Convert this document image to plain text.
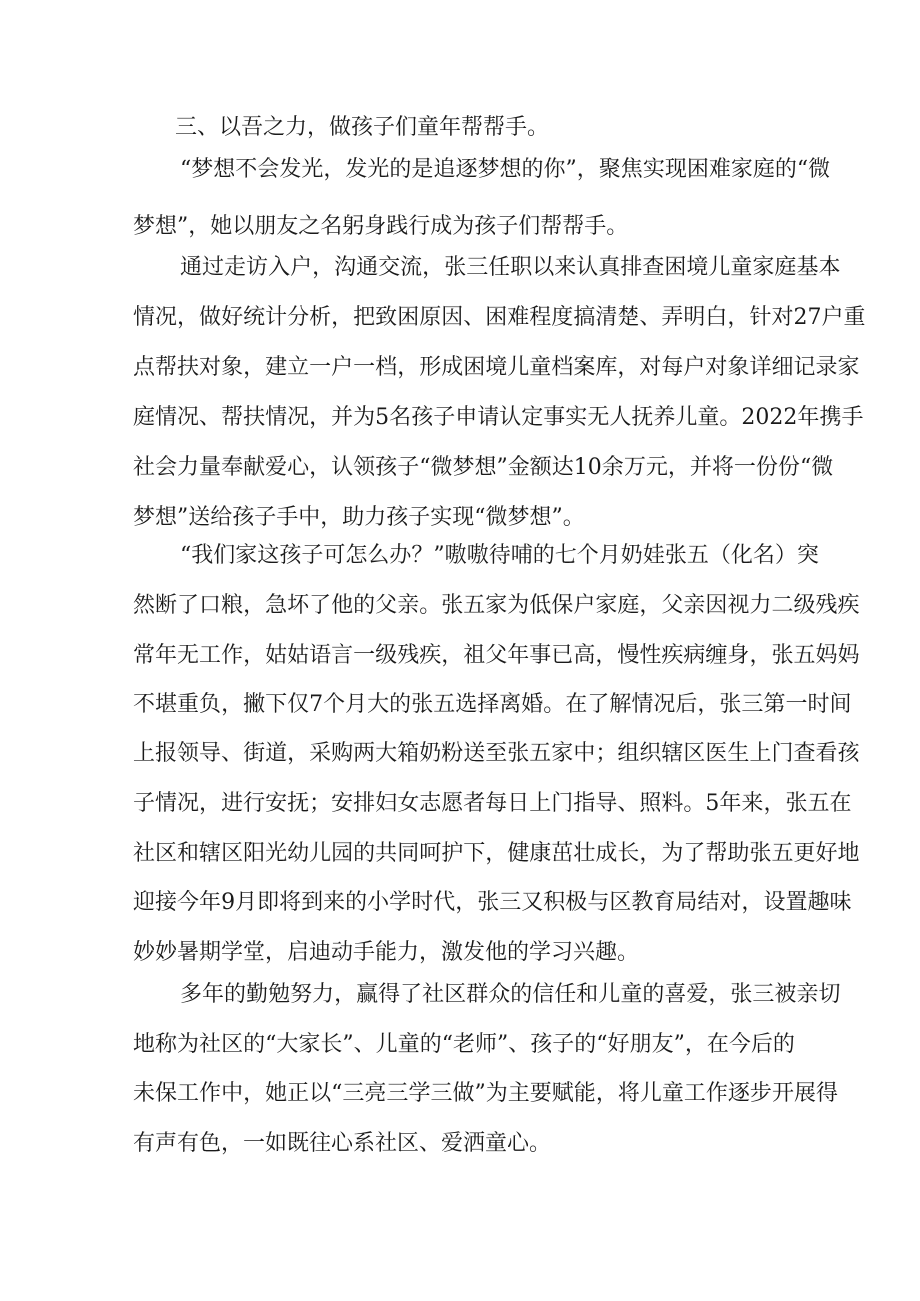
三、以吾之力，做孩子们童年帮帮手。

“ 梦 想 不 会 发 光 ， 发 光 的 是 追 逐 梦 想 的 你 ” ， 聚 焦 实 现 困 难 家 庭 的 “ 微

梦想”，她以朋友之名躬身践行成为孩子们帮帮手。

通 过 走 访 入 户 ， 沟 通 交 流 ， 张 三 任 职 以 来 认 真 排 查 困 境 儿 童 家 庭 基 本

情 况 ， 做 好 统 计 分 析 ， 把 致 困 原 因 、 困 难 程 度 搞 清 楚 、 弄 明 白 ， 针 对 2 7 户 重

点 帮 扶 对 象 ， 建 立 一 户 一 档 ， 形 成 困 境 儿 童 档 案 库 ， 对 每 户 对 象 详 细 记 录 家

庭 情 况 、 帮 扶 情 况 ， 并 为 5 名 孩 子 申 请 认 定 事 实 无 人 抚 养 儿 童 。 2 0 2 2 年 携 手

社 会 力 量 奉 献 爱 心 ， 认 领 孩 子 “ 微 梦 想 ” 金 额 达 1 0 余 万 元 ， 并 将 一 份 份 “ 微

梦想”送给孩子手中，助力孩子实现“微梦想”。

“ 我 们 家 这 孩 子 可 怎 么 办 ？ ” 嗷 嗷 待 哺 的 七 个 月 奶 娃 张 五 （ 化 名 ） 突

然 断 了 口 粮 ， 急 坏 了 他 的 父 亲 。 张 五 家 为 低 保 户 家 庭 ， 父 亲 因 视 力 二 级 残 疾

常 年 无 工 作 ， 姑 姑 语 言 一 级 残 疾 ， 祖 父 年 事 已 高 ， 慢 性 疾 病 缠 身 ， 张 五 妈 妈

不 堪 重 负 ， 撇 下 仅 7 个 月 大 的 张 五 选 择 离 婚 。 在 了 解 情 况 后 ， 张 三 第 一 时 间

上 报 领 导 、 街 道 ， 采 购 两 大 箱 奶 粉 送 至 张 五 家 中 ； 组 织 辖 区 医 生 上 门 查 看 孩

子 情 况 ， 进 行 安 抚 ； 安 排 妇 女 志 愿 者 每 日 上 门 指 导 、 照 料 。 5 年 来 ， 张 五 在

社 区 和 辖 区 阳 光 幼 儿 园 的 共 同 呵 护 下 ， 健 康 茁 壮 成 长 ， 为 了 帮 助 张 五 更 好 地

迎 接 今 年 9 月 即 将 到 来 的 小 学 时 代 ， 张 三 又 积 极 与 区 教 育 局 结 对 ， 设 置 趣 味

妙妙暑期学堂，启迪动手能力，激发他的学习兴趣。

多 年 的 勤 勉 努 力 ， 赢 得 了 社 区 群 众 的 信 任 和 儿 童 的 喜 爱 ， 张 三 被 亲 切

地 称 为 社 区 的 “ 大 家 长 ” 、 儿 童 的 “ 老 师 ” 、 孩 子 的 “ 好 朋 友 ” ， 在 今 后 的

未 保 工 作 中 ， 她 正 以 “ 三 亮 三 学 三 做 ” 为 主 要 赋 能 ， 将 儿 童 工 作 逐 步 开 展 得

有声有色，一如既往心系社区、爱洒童心。
